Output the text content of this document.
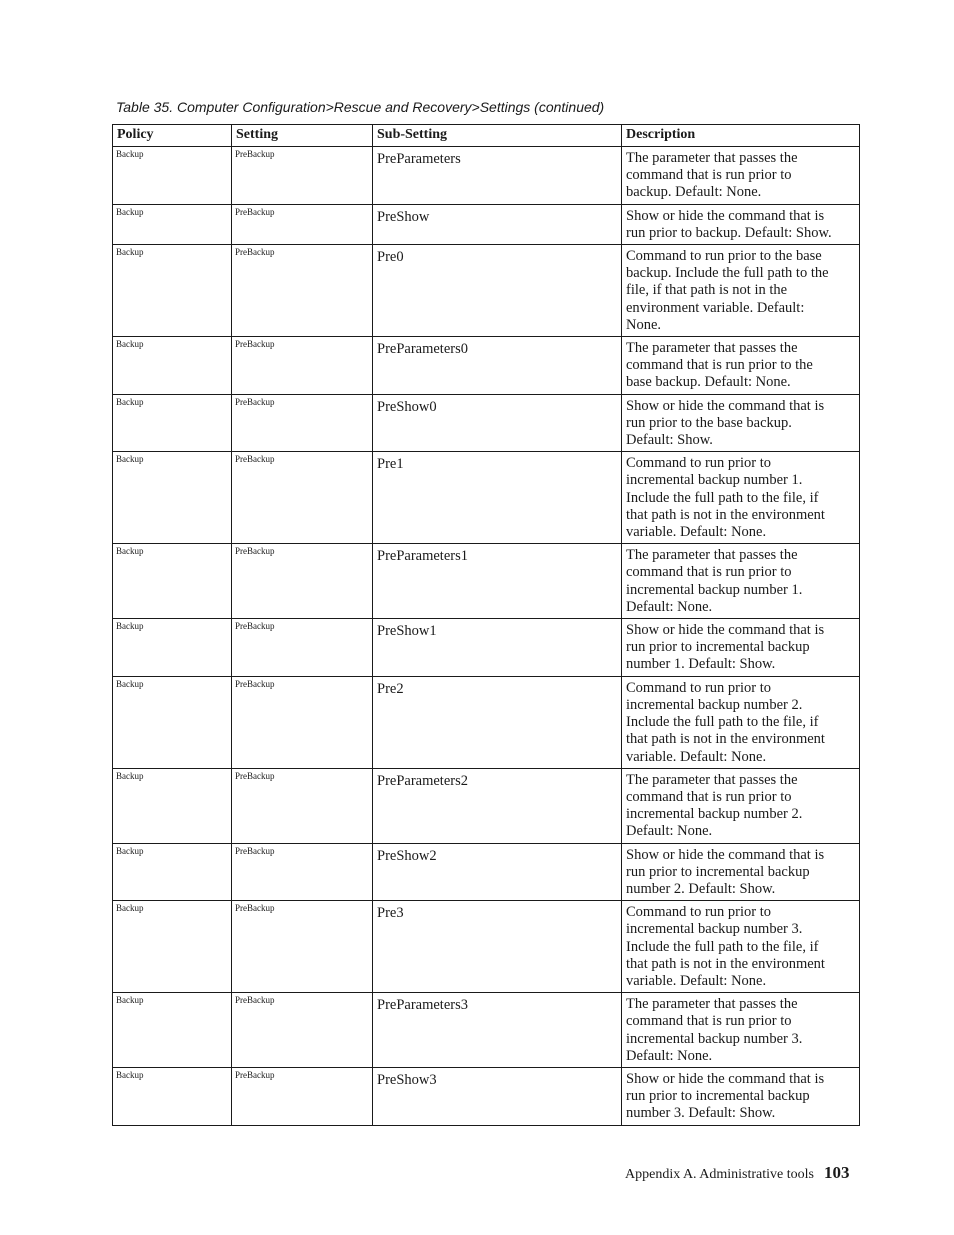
Table 35. Computer Configuration>Rescue and Recovery>Settings (continued)
Policy	Setting	Sub-Setting	Description
Backup	PreBackup	PreParameters	The parameter that passes the
command that is run prior to
backup. Default: None.

Backup	PreBackup	PreShow	Show or hide the command that is
run prior to backup. Default: Show.

Backup	PreBackup	Pre0	Command to run prior to the base
backup. Include the full path to the
file, if that path is not in the
environment variable. Default:
None.

Backup	PreBackup	PreParameters0	The parameter that passes the
command that is run prior to the
base backup. Default: None.

Backup	PreBackup	PreShow0	Show or hide the command that is
run prior to the base backup.
Default: Show.

Backup	PreBackup	Pre1	Command to run prior to
incremental backup number 1.
Include the full path to the file, if
that path is not in the environment
variable. Default: None.

Backup	PreBackup	PreParameters1	The parameter that passes the
command that is run prior to
incremental backup number 1.
Default: None.

Backup	PreBackup	PreShow1	Show or hide the command that is
run prior to incremental backup
number 1. Default: Show.

Backup	PreBackup	Pre2	Command to run prior to
incremental backup number 2.
Include the full path to the file, if
that path is not in the environment
variable. Default: None.

Backup	PreBackup	PreParameters2	The parameter that passes the
command that is run prior to
incremental backup number 2.
Default: None.

Backup	PreBackup	PreShow2	Show or hide the command that is
run prior to incremental backup
number 2. Default: Show.

Backup	PreBackup	Pre3	Command to run prior to
incremental backup number 3.
Include the full path to the file, if
that path is not in the environment
variable. Default: None.

Backup	PreBackup	PreParameters3	The parameter that passes the
command that is run prior to
incremental backup number 3.
Default: None.

Backup	PreBackup	PreShow3	Show or hide the command that is
run prior to incremental backup
number 3. Default: Show.
Appendix A. Administrative tools 103
